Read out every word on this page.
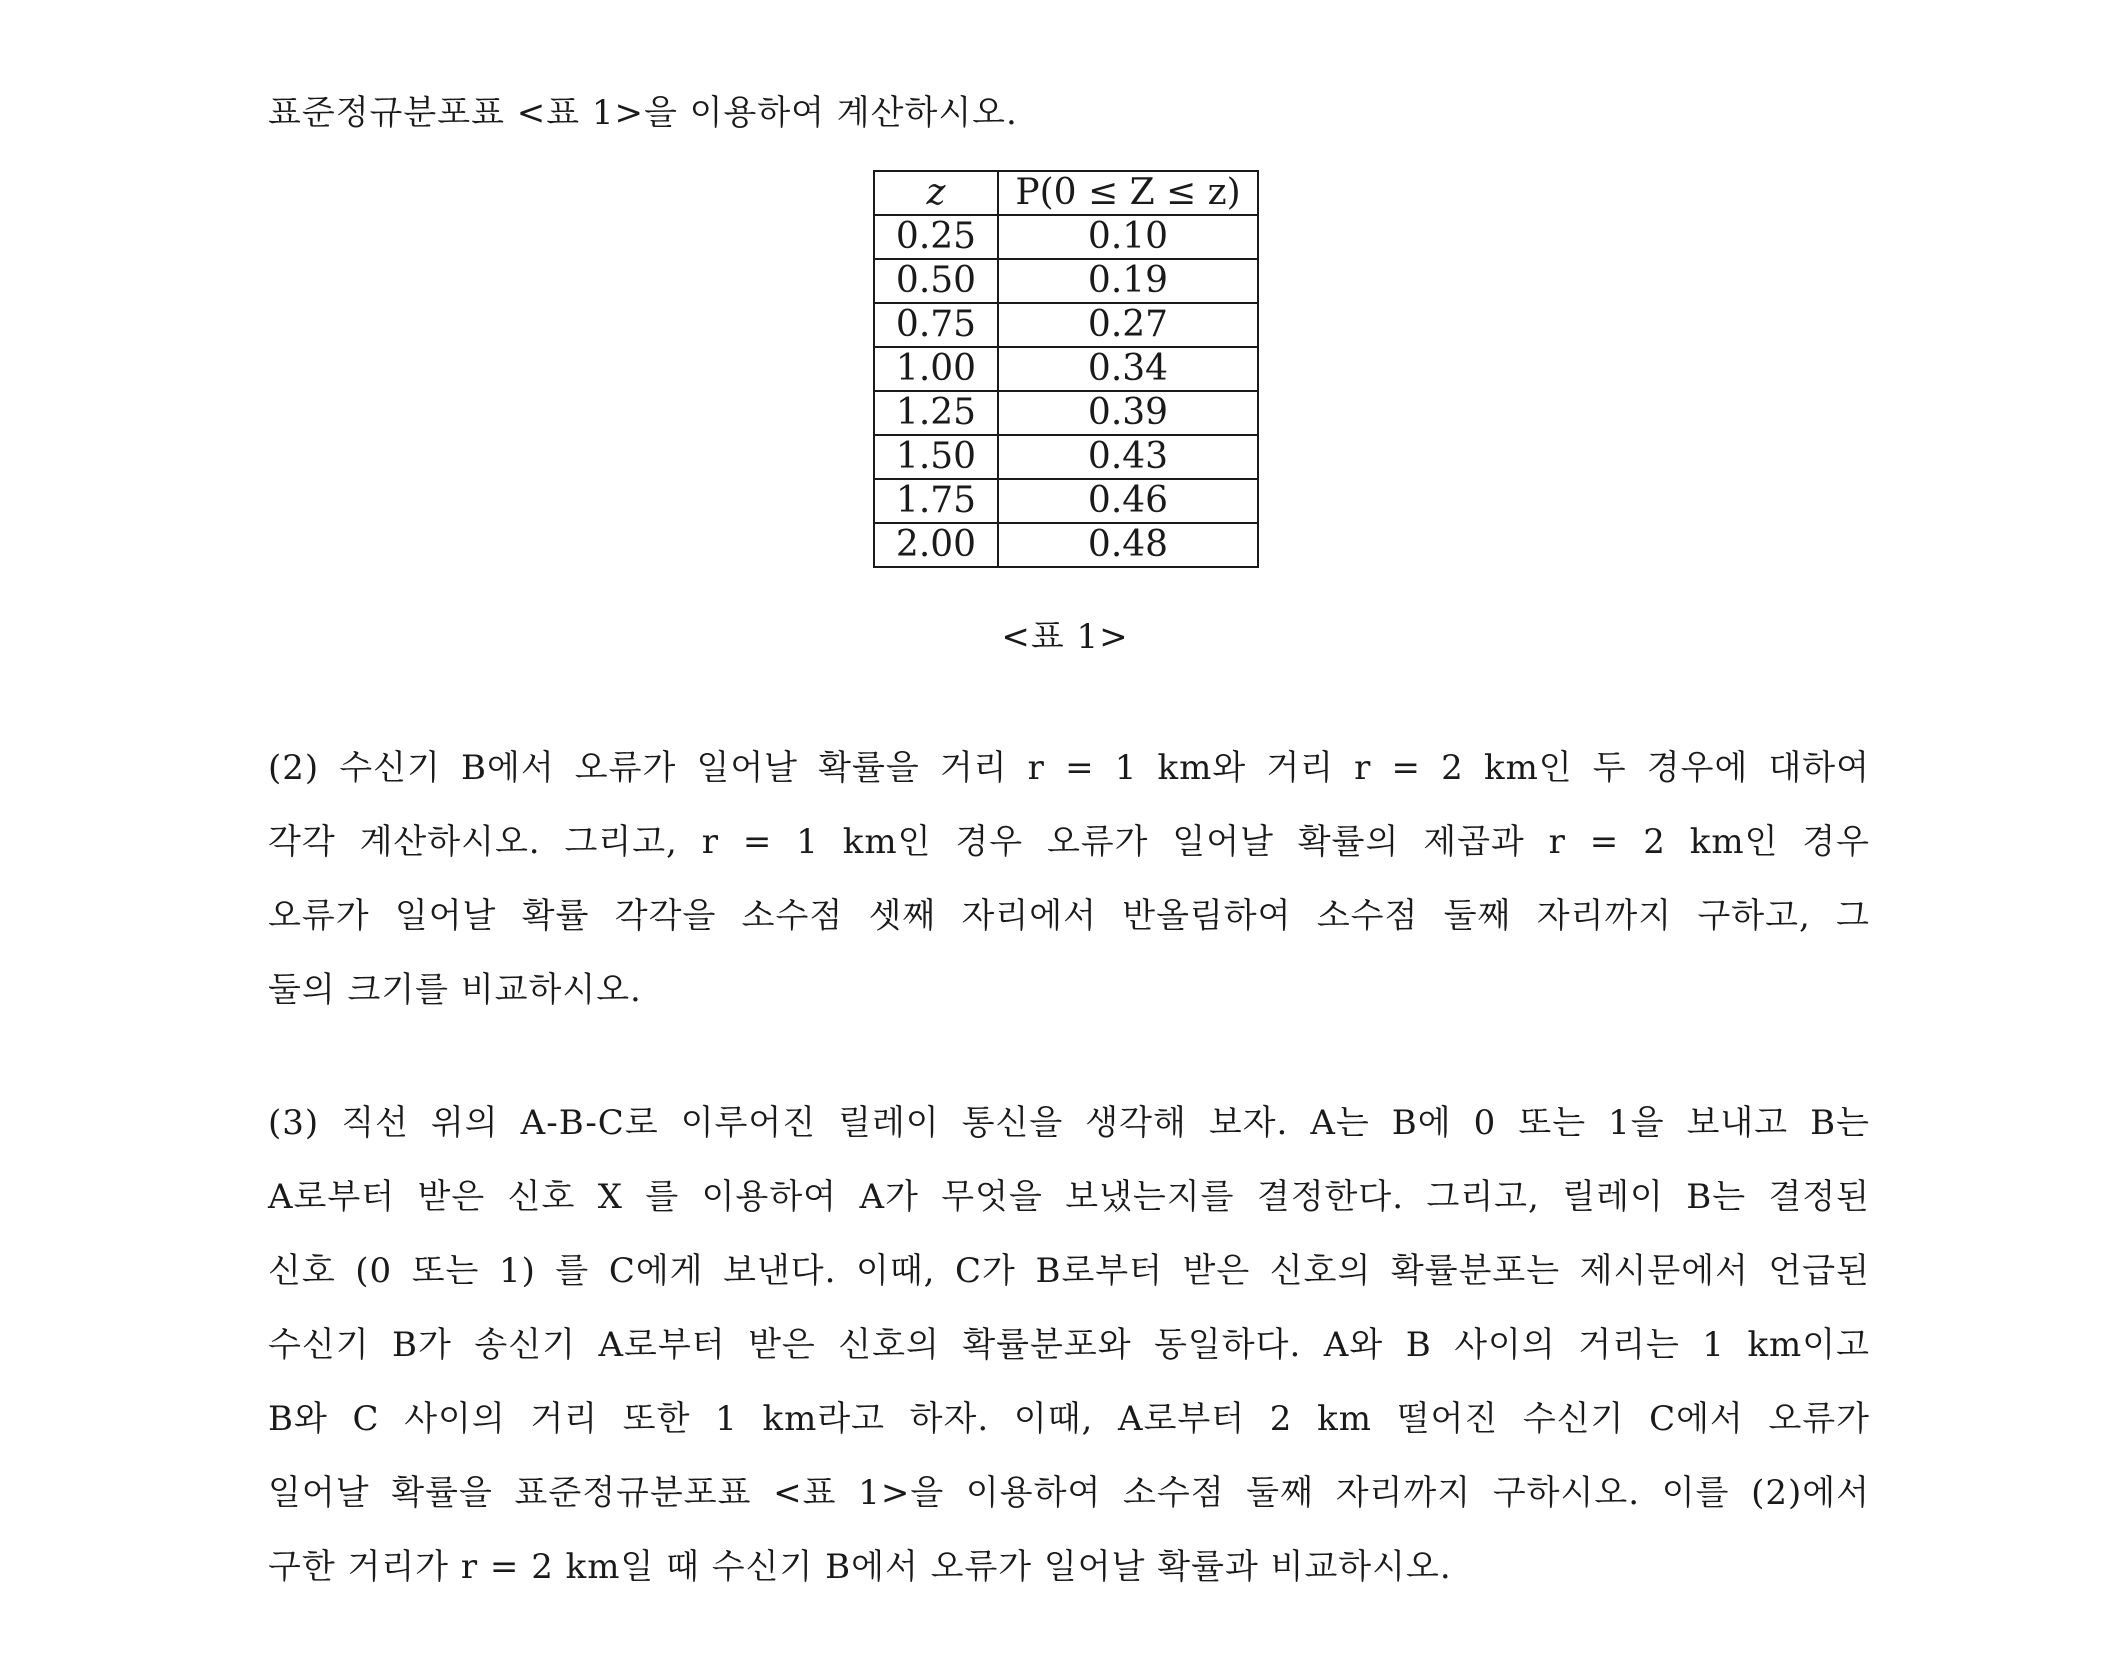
표준정규분포표 <표 1>을 이용하여 계산하시오.
z	P(0 ≤ Z ≤ z)
0.25	0.10
0.50	0.19
0.75	0.27
1.00	0.34
1.25	0.39
1.50	0.43
1.75	0.46
2.00	0.48
<표 1>
(2) 수신기 B에서 오류가 일어날 확률을 거리 r = 1 km와 거리 r = 2 km인 두 경우에 대하여
각각 계산하시오. 그리고, r = 1 km인 경우 오류가 일어날 확률의 제곱과 r = 2 km인 경우
오류가 일어날 확률 각각을 소수점 셋째 자리에서 반올림하여 소수점 둘째 자리까지 구하고, 그
둘의 크기를 비교하시오.
(3) 직선 위의 A-B-C로 이루어진 릴레이 통신을 생각해 보자. A는 B에 0 또는 1을 보내고 B는
A로부터 받은 신호 X 를 이용하여 A가 무엇을 보냈는지를 결정한다. 그리고, 릴레이 B는 결정된
신호 (0 또는 1) 를 C에게 보낸다. 이때, C가 B로부터 받은 신호의 확률분포는 제시문에서 언급된
수신기 B가 송신기 A로부터 받은 신호의 확률분포와 동일하다. A와 B 사이의 거리는 1 km이고
B와 C 사이의 거리 또한 1 km라고 하자. 이때, A로부터 2 km 떨어진 수신기 C에서 오류가
일어날 확률을 표준정규분포표 <표 1>을 이용하여 소수점 둘째 자리까지 구하시오. 이를 (2)에서
구한 거리가 r = 2 km일 때 수신기 B에서 오류가 일어날 확률과 비교하시오.
